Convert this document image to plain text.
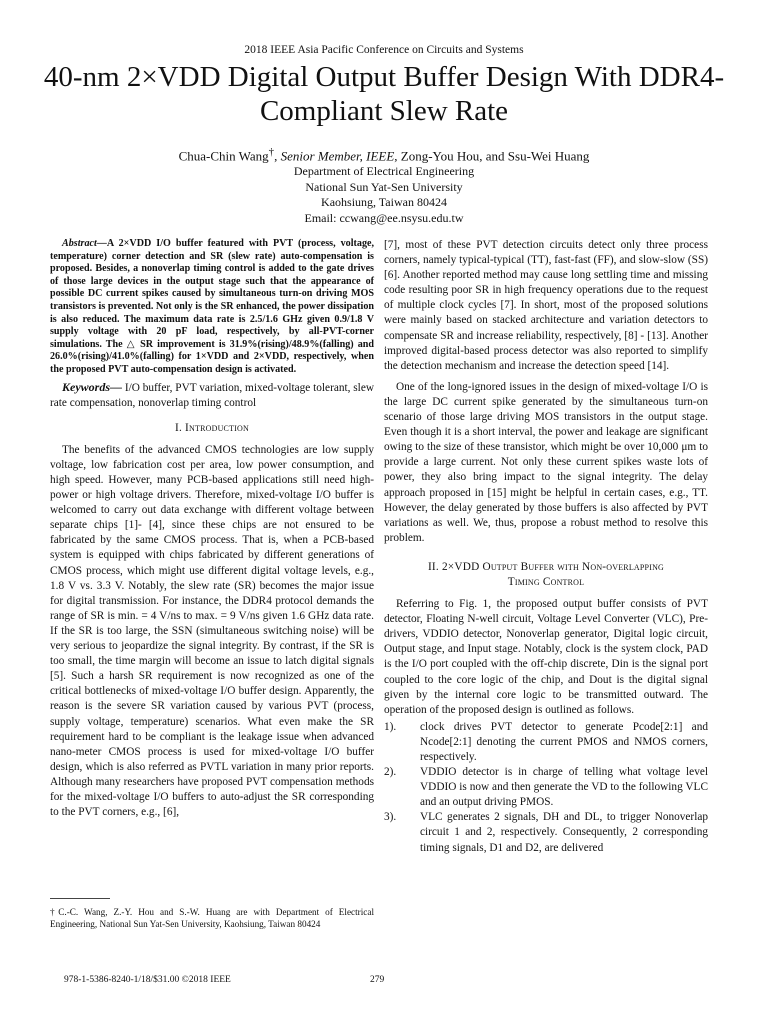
2018 IEEE Asia Pacific Conference on Circuits and Systems
40-nm 2×VDD Digital Output Buffer Design With DDR4-Compliant Slew Rate
Chua-Chin Wang†, Senior Member, IEEE, Zong-You Hou, and Ssu-Wei Huang
Department of Electrical Engineering
National Sun Yat-Sen University
Kaohsiung, Taiwan 80424
Email: ccwang@ee.nsysu.edu.tw

Abstract—A 2×VDD I/O buffer featured with PVT (process, voltage, temperature) corner detection and SR (slew rate) auto-compensation is proposed. Besides, a nonoverlap timing control is added to the gate drives of those large devices in the output stage such that the appearance of possible DC current spikes caused by simultaneous turn-on driving MOS transistors is prevented. Not only is the SR enhanced, the power dissipation is also reduced. The maximum data rate is 2.5/1.6 GHz given 0.9/1.8 V supply voltage with 20 pF load, respectively, by all-PVT-corner simulations. The △ SR improvement is 31.9%(rising)/48.9%(falling) and 26.0%(rising)/41.0%(falling) for 1×VDD and 2×VDD, respectively, when the proposed PVT auto-compensation design is activated.

Keywords— I/O buffer, PVT variation, mixed-voltage tolerant, slew rate compensation, nonoverlap timing control

I. Introduction

The benefits of the advanced CMOS technologies are low supply voltage, low fabrication cost per area, low power consumption, and high speed. However, many PCB-based applications still need high-power or high voltage drivers. Therefore, mixed-voltage I/O buffer is welcomed to carry out data exchange with different voltage between separate chips [1]- [4], since these chips are not ensured to be fabricated by the same CMOS process. That is, when a PCB-based system is equipped with chips fabricated by different generations of CMOS process, which might use different digital voltage levels, e.g., 1.8 V vs. 3.3 V. Notably, the slew rate (SR) becomes the major issue for digital transmission. For instance, the DDR4 protocol demands the range of SR is min. = 4 V/ns to max. = 9 V/ns given 1.6 GHz data rate. If the SR is too large, the SSN (simultaneous switching noise) will be very serious to jeopardize the signal integrity. By contrast, if the SR is too small, the time margin will become an issue to latch digital signals [5]. Such a harsh SR requirement is now recognized as one of the critical bottlenecks of mixed-voltage I/O buffer design. Apparently, the reason is the severe SR variation caused by various PVT (process, supply voltage, temperature) scenarios. What even make the SR requirement hard to be compliant is the leakage issue when advanced nano-meter CMOS process is used for mixed-voltage I/O buffer design, which is also referred as PVTL variation in many prior reports. Although many researchers have proposed PVT compensation methods for the mixed-voltage I/O buffers to auto-adjust the SR corresponding to the PVT corners, e.g., [6],

[7], most of these PVT detection circuits detect only three process corners, namely typical-typical (TT), fast-fast (FF), and slow-slow (SS) [6]. Another reported method may cause long settling time and missing code resulting poor SR in high frequency operations due to the request of multiple clock cycles [7]. In short, most of the proposed solutions were mainly based on stacked architecture and variation detectors to compensate SR and increase reliability, respectively, [8] - [13]. Another improved digital-based process detector was also reported to simplify the detection mechanism and increase the detection speed [14].

One of the long-ignored issues in the design of mixed-voltage I/O is the large DC current spike generated by the simultaneous turn-on scenario of those large driving MOS transistors in the output stage. Even though it is a short interval, the power and leakage are significant owing to the size of these transistor, which might be over 10,000 μm to provide a large current. Not only these current spikes waste lots of power, they also bring impact to the signal integrity. The delay approach proposed in [15] might be helpful in certain cases, e.g., TT. However, the delay generated by those buffers is also affected by PVT variations as well. We, thus, propose a robust method to resolve this problem.

II. 2×VDD Output Buffer with Non-overlapping
Timing Control

Referring to Fig. 1, the proposed output buffer consists of PVT detector, Floating N-well circuit, Voltage Level Converter (VLC), Pre-drivers, VDDIO detector, Nonoverlap generator, Digital logic circuit, Output stage, and Input stage. Notably, clock is the system clock, PAD is the I/O port coupled with the off-chip discrete, Din is the signal port coupled to the core logic of the chip, and Dout is the digital signal given by the internal core logic to be transmitted outward. The operation of the proposed design is outlined as follows.

1).	clock drives PVT detector to generate Pcode[2:1] and Ncode[2:1] denoting the current PMOS and NMOS corners, respectively.
2).	VDDIO detector is in charge of telling what voltage level VDDIO is now and then generate the VD to the following VLC and an output driving PMOS.
3).	VLC generates 2 signals, DH and DL, to trigger Nonoverlap circuit 1 and 2, respectively. Consequently, 2 corresponding timing signals, D1 and D2, are delivered
†C.-C. Wang, Z.-Y. Hou and S.-W. Huang are with Department of Electrical Engineering, National Sun Yat-Sen University, Kaohsiung, Taiwan 80424
978-1-5386-8240-1/18/$31.00 ©2018 IEEE	279
